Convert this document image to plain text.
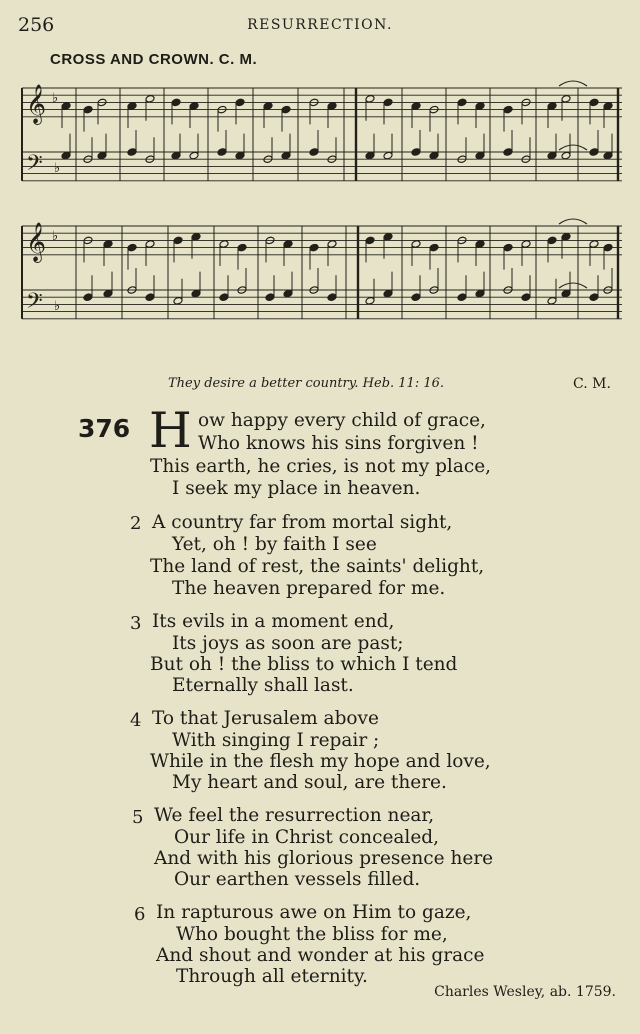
256	RESURRECTION.
CROSS AND CROWN. C. M.
𝄞 ♭
𝄢 ♭
𝄞 ♭
𝄢 ♭
They desire a better country. Heb. 11: 16.	C. M.
376 H ow happy every child of grace,
Who knows his sins forgiven !
This earth, he cries, is not my place,
I seek my place in heaven.
2 A country far from mortal sight,
Yet, oh ! by faith I see
The land of rest, the saints' delight,
The heaven prepared for me.
3 Its evils in a moment end,
Its joys as soon are past;
But oh ! the bliss to which I tend
Eternally shall last.
4 To that Jerusalem above
With singing I repair ;
While in the flesh my hope and love,
My heart and soul, are there.
5 We feel the resurrection near,
Our life in Christ concealed,
And with his glorious presence here
Our earthen vessels filled.
6 In rapturous awe on Him to gaze,
Who bought the bliss for me,
And shout and wonder at his grace
Through all eternity.
Charles Wesley, ab. 1759.
